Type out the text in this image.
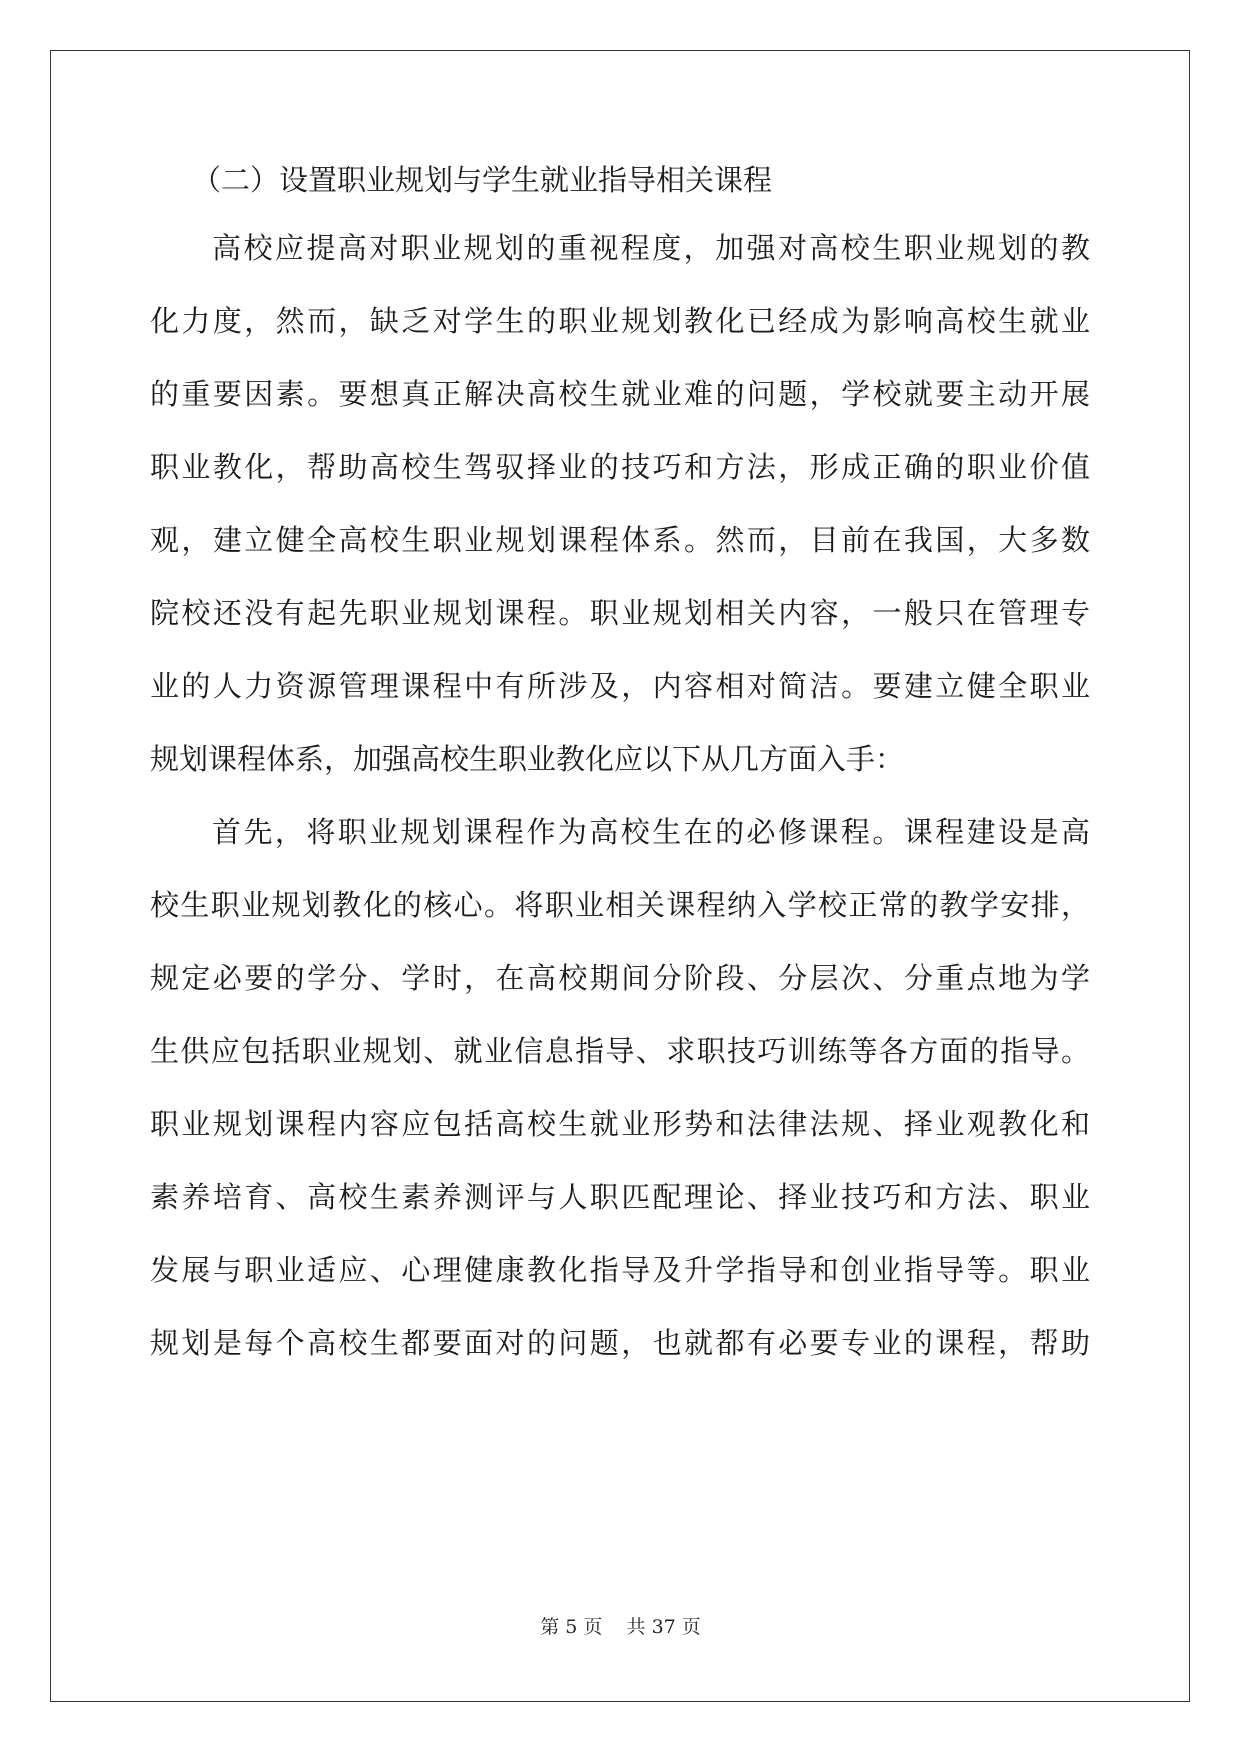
（二）设置职业规划与学生就业指导相关课程
高校应提高对职业规划的重视程度，加强对高校生职业规划的教
化力度，然而，缺乏对学生的职业规划教化已经成为影响高校生就业
的重要因素。要想真正解决高校生就业难的问题，学校就要主动开展
职业教化，帮助高校生驾驭择业的技巧和方法，形成正确的职业价值
观，建立健全高校生职业规划课程体系。然而，目前在我国，大多数
院校还没有起先职业规划课程。职业规划相关内容，一般只在管理专
业的人力资源管理课程中有所涉及，内容相对简洁。要建立健全职业
规划课程体系，加强高校生职业教化应以下从几方面入手：
首先，将职业规划课程作为高校生在的必修课程。课程建设是高
校生职业规划教化的核心。将职业相关课程纳入学校正常的教学安排，
规定必要的学分、学时，在高校期间分阶段、分层次、分重点地为学
生供应包括职业规划、就业信息指导、求职技巧训练等各方面的指导。
职业规划课程内容应包括高校生就业形势和法律法规、择业观教化和
素养培育、高校生素养测评与人职匹配理论、择业技巧和方法、职业
发展与职业适应、心理健康教化指导及升学指导和创业指导等。职业
规划是每个高校生都要面对的问题，也就都有必要专业的课程，帮助
第 5 页    共 37 页
